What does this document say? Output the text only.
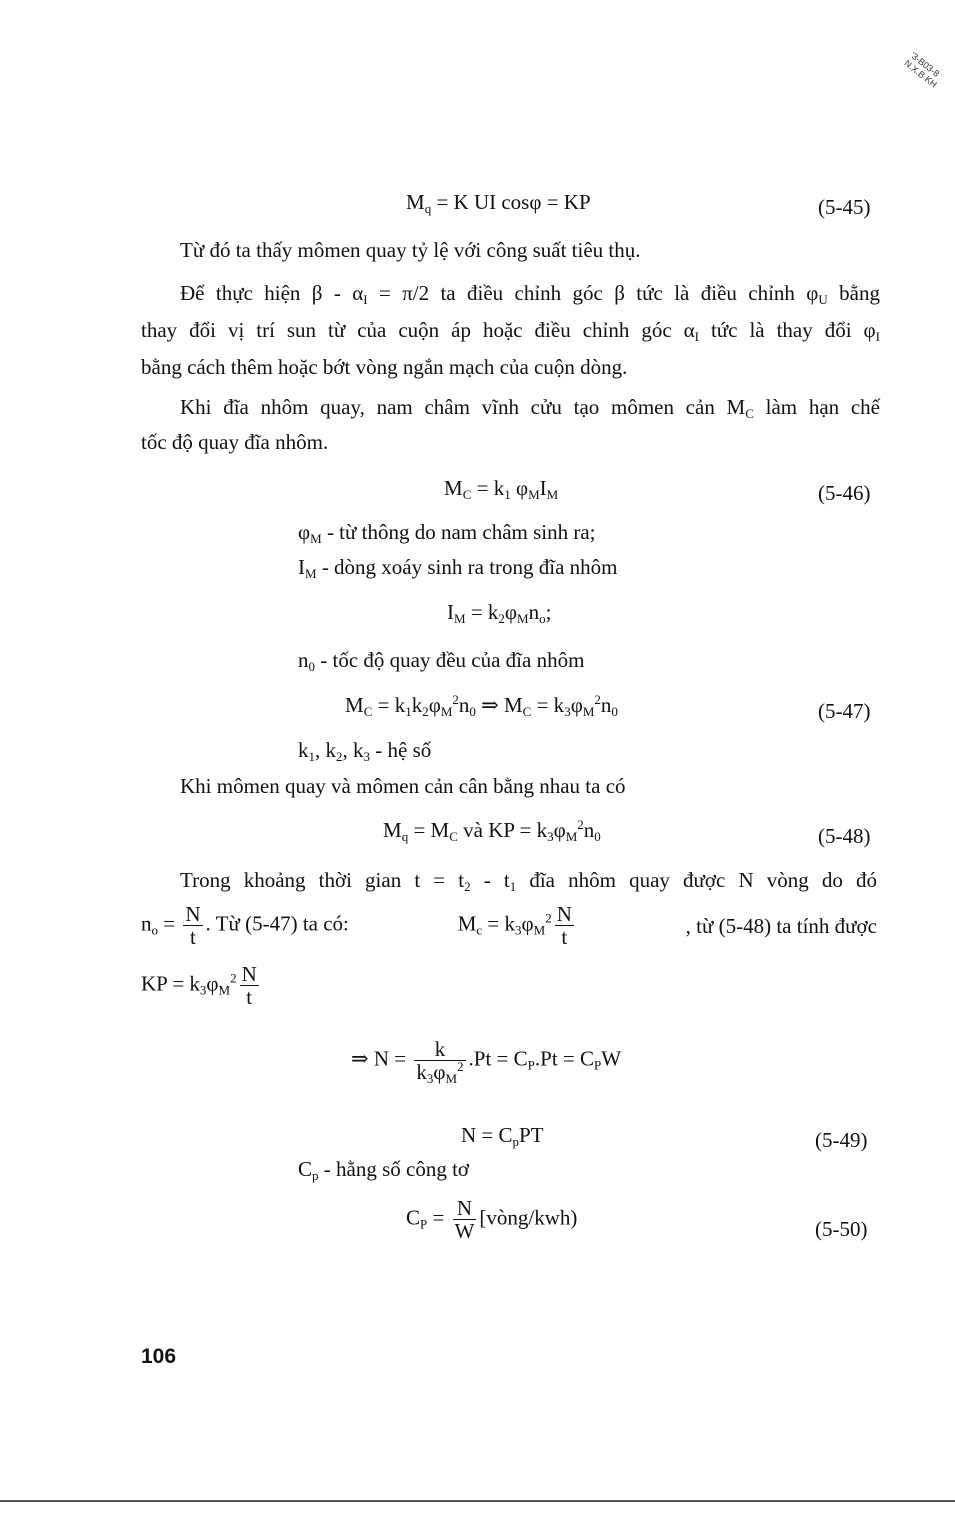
'3-B03-8 N.X.B KH
$M_q = K$ UI cosφ = KP	(5-45)
Từ đó ta thấy mômen quay tỷ lệ với công suất tiêu thụ.
Để thực hiện $\beta - \alpha_I = \pi/2$ ta điều chỉnh góc β tức là điều chỉnh $\varphi_U$ bằng
thay đổi vị trí sun từ của cuộn áp hoặc điều chỉnh góc $\alpha_I$ tức là thay đổi $\varphi_I$
bằng cách thêm hoặc bớt vòng ngắn mạch của cuộn dòng.
Khi đĩa nhôm quay, nam châm vĩnh cửu tạo mômen cản $M_C$ làm hạn chế
tốc độ quay đĩa nhôm.
$M_C = k_1$ $\varphi_MI_M$	(5-46)
$\varphi_M$ - từ thông do nam châm sinh ra;
$I_M$ - dòng xoáy sinh ra trong đĩa nhôm
$I_M = k_2\varphi_Mn_o$;
$n_0$ - tốc độ quay đều của đĩa nhôm
$M_C = k_1k_2\varphi_M^2n_0$ ⇒ $M_C = k_3\varphi_M^2n_0$	(5-47)
$k_1$, $k_2$, $k_3$ - hệ số
Khi mômen quay và mômen cản cân bằng nhau ta có
$M_q = M_C$ và KP = $k_3\varphi_M^2n_0$	(5-48)
Trong khoảng thời gian $t = t_2 - t_1$ đĩa nhôm quay được N vòng do đó
$n_o = \frac{N}{t}$ . Từ (5-47) ta có:	$M_c = k_3\varphi_M^2 \frac{N}{t}$	, từ (5-48) ta tính được
KP = $k_3\varphi_M^2 \frac{N}{t}$
⇒ $N = \frac{k}{k_3\varphi_M^2} .Pt = C_P.Pt = C_PW$
$N = C_pPT$	(5-49)
$C_p$ - hằng số công tơ
$C_P = \frac{N}{W}$ [vòng/kwh)	(5-50)
106
